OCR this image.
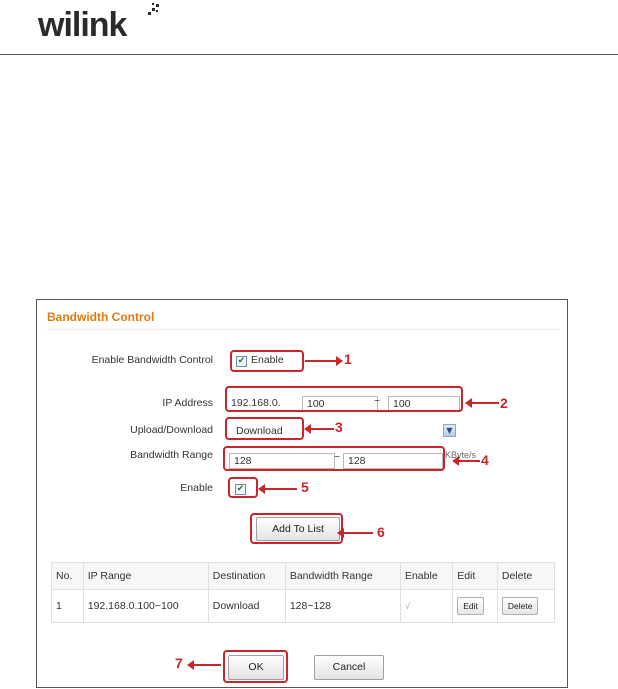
wilink
Bandwidth Control
Enable Bandwidth Control	✔ Enable	1
IP Address 192.168.0.	100	~	100	2
Upload/Download	Download	▼
3
Bandwidth Range	128	~ 128	KByte/s 4
Enable	✔	5
Add To List	6
No.	IP Range	Destination	Bandwidth Range	Enable	Edit	Delete
1	192.168.0.100~100	Download	128~128	√	Edit	Delete
OK
7	Cancel
